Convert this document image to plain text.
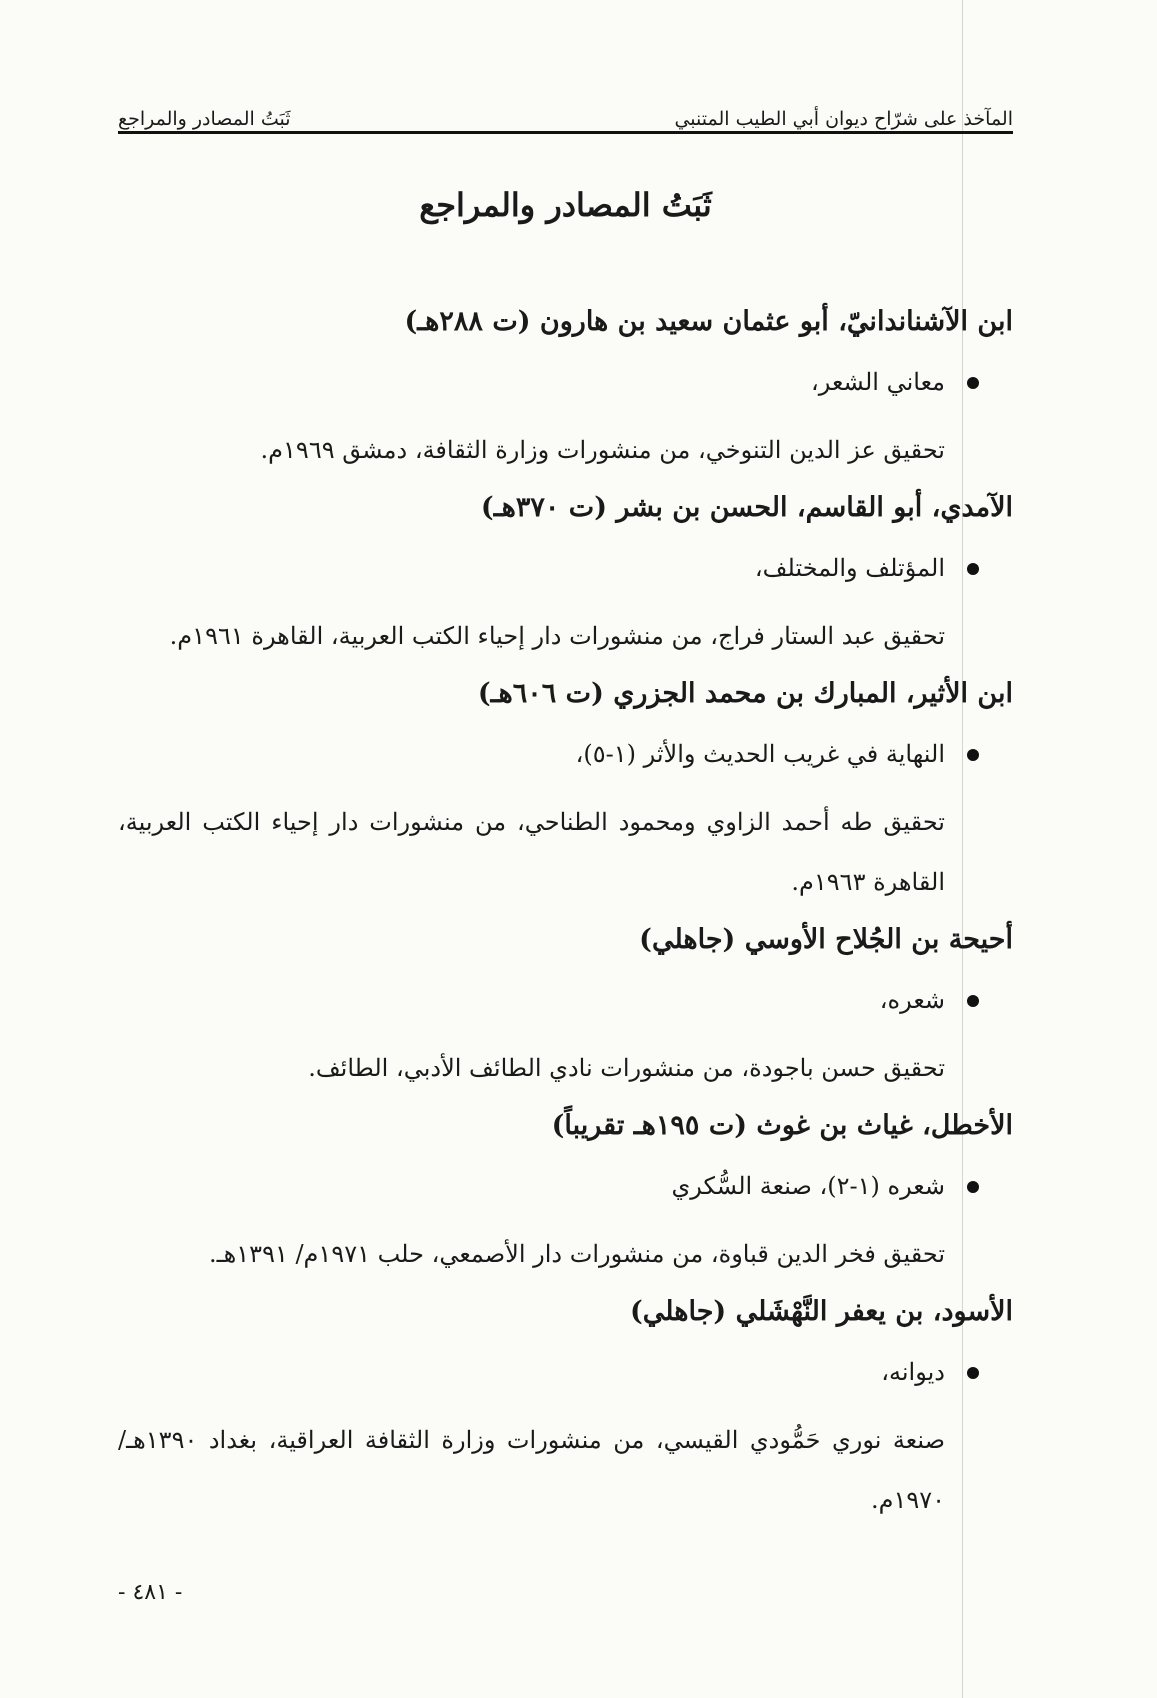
المآخذ على شرّاح ديوان أبي الطيب المتنبي
ثَبَتُ المصادر والمراجع
ثَبَتُ المصادر والمراجع
ابن الآشناندانيّ، أبو عثمان سعيد بن هارون (ت ٢٨٨هـ)
معاني الشعر،
تحقيق عز الدين التنوخي، من منشورات وزارة الثقافة، دمشق ١٩٦٩م.
الآمدي، أبو القاسم، الحسن بن بشر (ت ٣٧٠هـ)
المؤتلف والمختلف،
تحقيق عبد الستار فراج، من منشورات دار إحياء الكتب العربية، القاهرة ١٩٦١م.
ابن الأثير، المبارك بن محمد الجزري (ت ٦٠٦هـ)
النهاية في غريب الحديث والأثر (١-٥)،
تحقيق طه أحمد الزاوي ومحمود الطناحي، من منشورات دار إحياء الكتب العربية، القاهرة ١٩٦٣م.
أحيحة بن الجُلاح الأوسي (جاهلي)
شعره،
تحقيق حسن باجودة، من منشورات نادي الطائف الأدبي، الطائف.
الأخطل، غياث بن غوث (ت ١٩٥هـ تقريباً)
شعره (١-٢)، صنعة السُّكري
تحقيق فخر الدين قباوة، من منشورات دار الأصمعي، حلب ١٩٧١م/ ١٣٩١هـ.
الأسود، بن يعفر النَّهْشَلي (جاهلي)
ديوانه،
صنعة نوري حَمُّودي القيسي، من منشورات وزارة الثقافة العراقية، بغداد ١٣٩٠هـ/ ١٩٧٠م.
- ٤٨١ -
